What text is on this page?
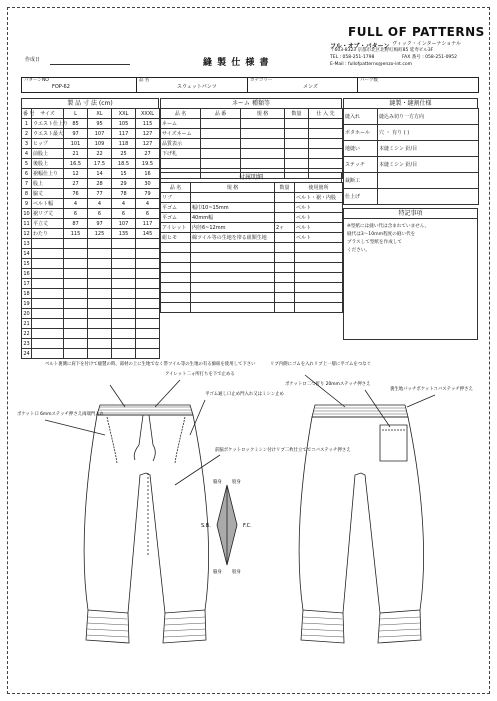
作成日	縫 製 仕 様 書
FULL OF PATTERNS
フル・オブ・パターン ヴィック・インターナショナル
〒603-8323 京都市北区北野紅梅町85 延寿ビル3F
TEL : 058-251-1798	FAX 番号 : 058-251-0952
E-Mail : fullofpatterns@enzo-int.com
パターンNO
FOP-62
品 名
スウェットパンツ
カテゴリー
メンズ
パーツ数
製 品 寸 法 (cm)
番 号	サイズ	L	XL	XXL	XXXL
1	ウエスト仕上り	85	95	105	115
2	ウエスト最大	97	107	117	127
3	ヒップ	101	109	118	127
4	前股上	21	22	25	27
5	後股上	16.5	17.5	18.5	19.5
6	裾幅仕上り	12	14	15	16
7	股上	27	28	29	30
8	脇丈	76	77	78	79
9	ベルト幅	4	4	4	4
10	裾リブ丈	6	6	6	6
11	平立丈	87	97	107	117
12	わたり	115	125	135	145
13					
14					
15					
16					
17					
18					
19					
20					
21					
22					
23					
24					
ネーム 種類等
品 名	品 番	規 格	数量	仕 入 先
ネーム				
サイズネーム				
品質表示				
下げ札				

付属明細
品 名	規 格	数量	使用箇所
リブ			ベルト・裾・内股
平ゴム	幅巾10~15mm		ベルト
平ゴム	40mm幅		ベルト
アイレット	内径6~12mm	2ヶ	ベルト
紐ヒモ	綿ツイル等の生地を帯る紐類生地		ベルト

縫製・縫割仕様
縫入れ	縫込み切り一方方向
ボタホール	穴 ・ 有り ( )
地縫い	本縫ミシン 針/目
ステッチ	本縫ミシン 針/目
裁断工	
仕上げ	
特記事項
※型紙には縫い代は含まれていません。
縫代は3〜10mm程度の縫い代を
プラスして型紙を作成して
ください。
ベルト裏側に肩下を付けて縫製の時、部材の上に生地でなく帯ツイル等の生地の有る綿紐を使用して下さい
アイレット二ヵ所打ちを下で止める
ポケット口 6mmステッチ押さえ両端閂入れ
平ゴム通し口止め閂入れ又はミシン止め
前脇ポケットロックミシン付けリブ二枚仕立てでコバステッチ押さえ
リブ内側にゴムを入れリブ上一層に平ゴムをつなぐ
ポケットロ二つ折り 20mmステッチ押さえ
裏生地パッチポケットコバステッチ押さえ
S.B.	F.C.
脇身 股身
脇身 股身
